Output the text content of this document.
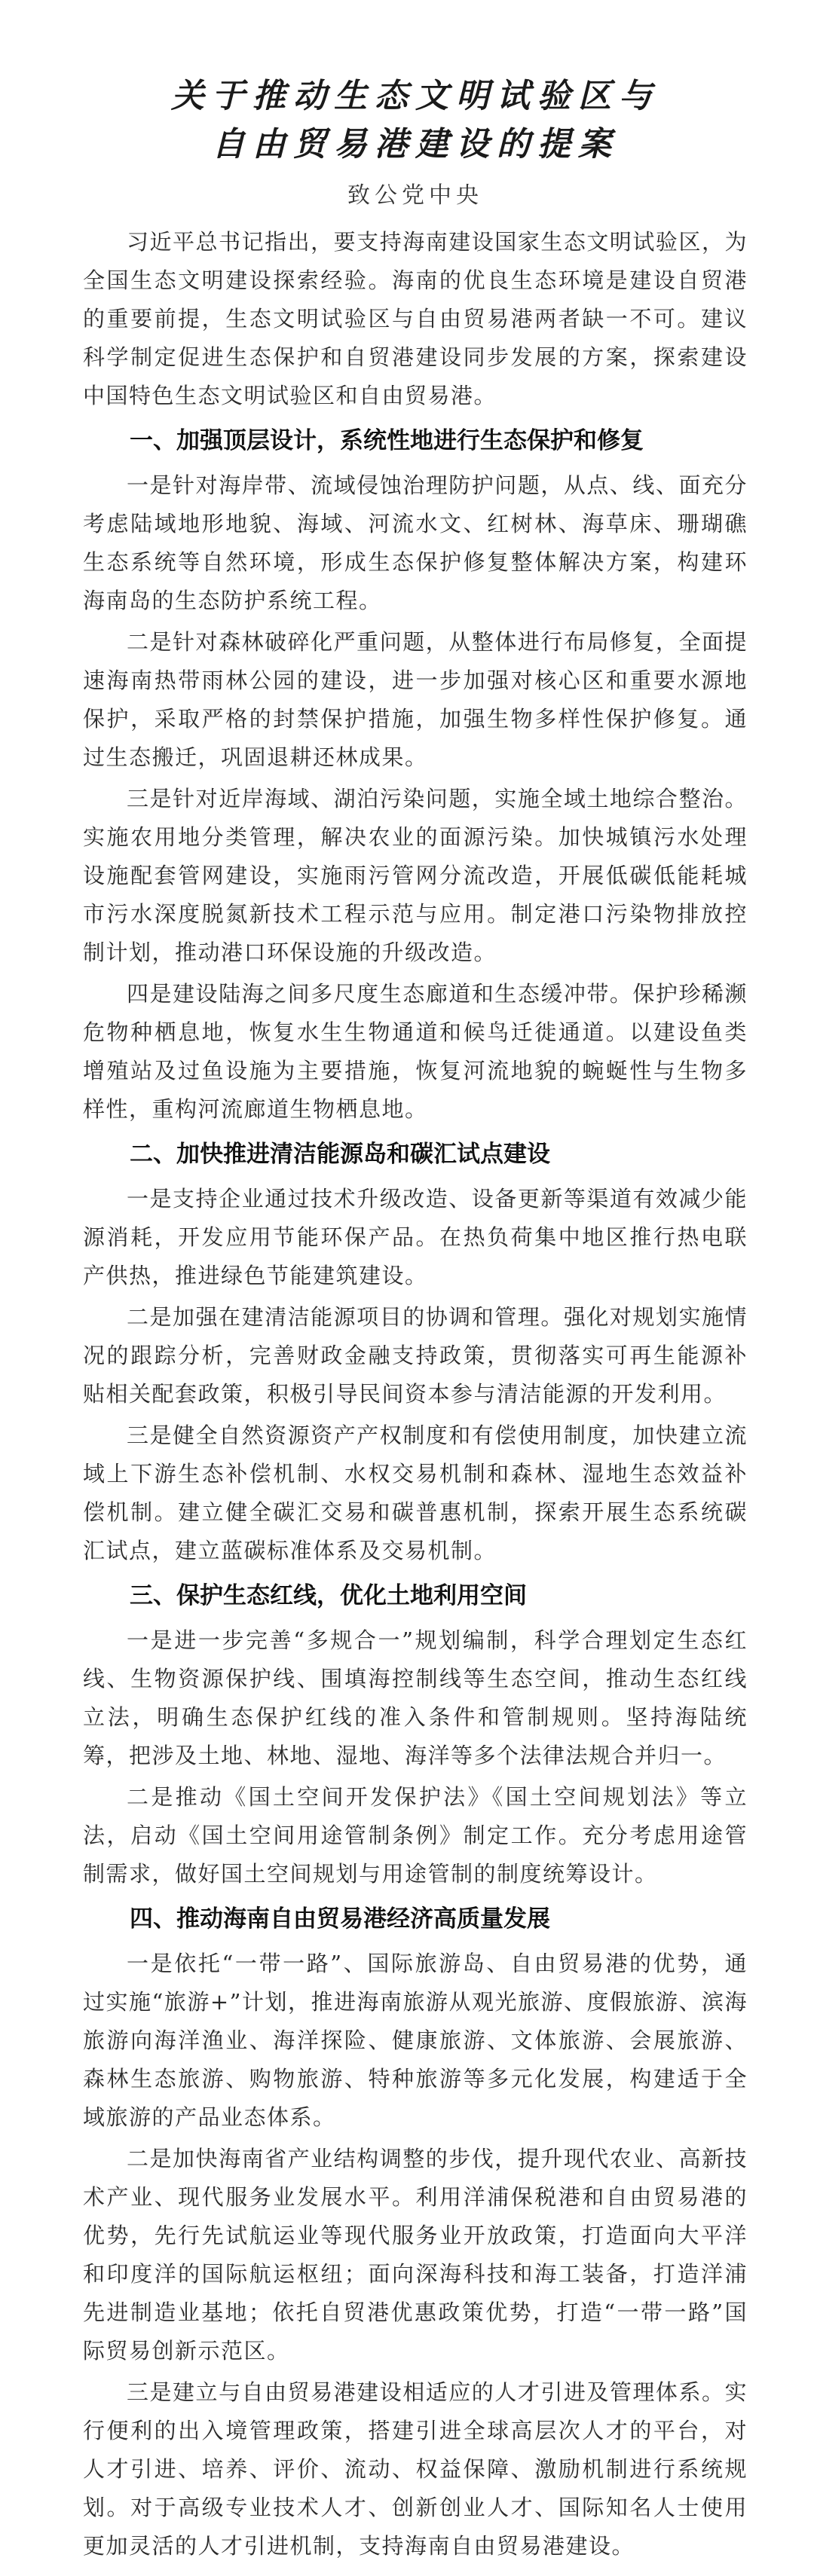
关于推动生态文明试验区与
自由贸易港建设的提案
致公党中央

习近平总书记指出，要支持海南建设国家生态文明试验区，为全国生态文明建设探索经验。海南的优良生态环境是建设自贸港的重要前提，生态文明试验区与自由贸易港两者缺一不可。建议科学制定促进生态保护和自贸港建设同步发展的方案，探索建设中国特色生态文明试验区和自由贸易港。

一、加强顶层设计，系统性地进行生态保护和修复

一是针对海岸带、流域侵蚀治理防护问题，从点、线、面充分考虑陆域地形地貌、海域、河流水文、红树林、海草床、珊瑚礁生态系统等自然环境，形成生态保护修复整体解决方案，构建环海南岛的生态防护系统工程。

二是针对森林破碎化严重问题，从整体进行布局修复，全面提速海南热带雨林公园的建设，进一步加强对核心区和重要水源地保护，采取严格的封禁保护措施，加强生物多样性保护修复。通过生态搬迁，巩固退耕还林成果。

三是针对近岸海域、湖泊污染问题，实施全域土地综合整治。实施农用地分类管理，解决农业的面源污染。加快城镇污水处理设施配套管网建设，实施雨污管网分流改造，开展低碳低能耗城市污水深度脱氮新技术工程示范与应用。制定港口污染物排放控制计划，推动港口环保设施的升级改造。

四是建设陆海之间多尺度生态廊道和生态缓冲带。保护珍稀濒危物种栖息地，恢复水生生物通道和候鸟迁徙通道。以建设鱼类增殖站及过鱼设施为主要措施，恢复河流地貌的蜿蜒性与生物多样性，重构河流廊道生物栖息地。

二、加快推进清洁能源岛和碳汇试点建设

一是支持企业通过技术升级改造、设备更新等渠道有效减少能源消耗，开发应用节能环保产品。在热负荷集中地区推行热电联产供热，推进绿色节能建筑建设。

二是加强在建清洁能源项目的协调和管理。强化对规划实施情况的跟踪分析，完善财政金融支持政策，贯彻落实可再生能源补贴相关配套政策，积极引导民间资本参与清洁能源的开发利用。

三是健全自然资源资产产权制度和有偿使用制度，加快建立流域上下游生态补偿机制、水权交易机制和森林、湿地生态效益补偿机制。建立健全碳汇交易和碳普惠机制，探索开展生态系统碳汇试点，建立蓝碳标准体系及交易机制。

三、保护生态红线，优化土地利用空间

一是进一步完善“多规合一”规划编制，科学合理划定生态红线、生物资源保护线、围填海控制线等生态空间，推动生态红线立法，明确生态保护红线的准入条件和管制规则。坚持海陆统筹，把涉及土地、林地、湿地、海洋等多个法律法规合并归一。

二是推动《国土空间开发保护法》《国土空间规划法》等立法，启动《国土空间用途管制条例》制定工作。充分考虑用途管制需求，做好国土空间规划与用途管制的制度统筹设计。

四、推动海南自由贸易港经济高质量发展

一是依托“一带一路”、国际旅游岛、自由贸易港的优势，通过实施“旅游+”计划，推进海南旅游从观光旅游、度假旅游、滨海旅游向海洋渔业、海洋探险、健康旅游、文体旅游、会展旅游、森林生态旅游、购物旅游、特种旅游等多元化发展，构建适于全域旅游的产品业态体系。

二是加快海南省产业结构调整的步伐，提升现代农业、高新技术产业、现代服务业发展水平。利用洋浦保税港和自由贸易港的优势，先行先试航运业等现代服务业开放政策，打造面向大平洋和印度洋的国际航运枢纽；面向深海科技和海工装备，打造洋浦先进制造业基地；依托自贸港优惠政策优势，打造“一带一路”国际贸易创新示范区。

三是建立与自由贸易港建设相适应的人才引进及管理体系。实行便利的出入境管理政策，搭建引进全球高层次人才的平台，对人才引进、培养、评价、流动、权益保障、激励机制进行系统规划。对于高级专业技术人才、创新创业人才、国际知名人士使用更加灵活的人才引进机制，支持海南自由贸易港建设。
